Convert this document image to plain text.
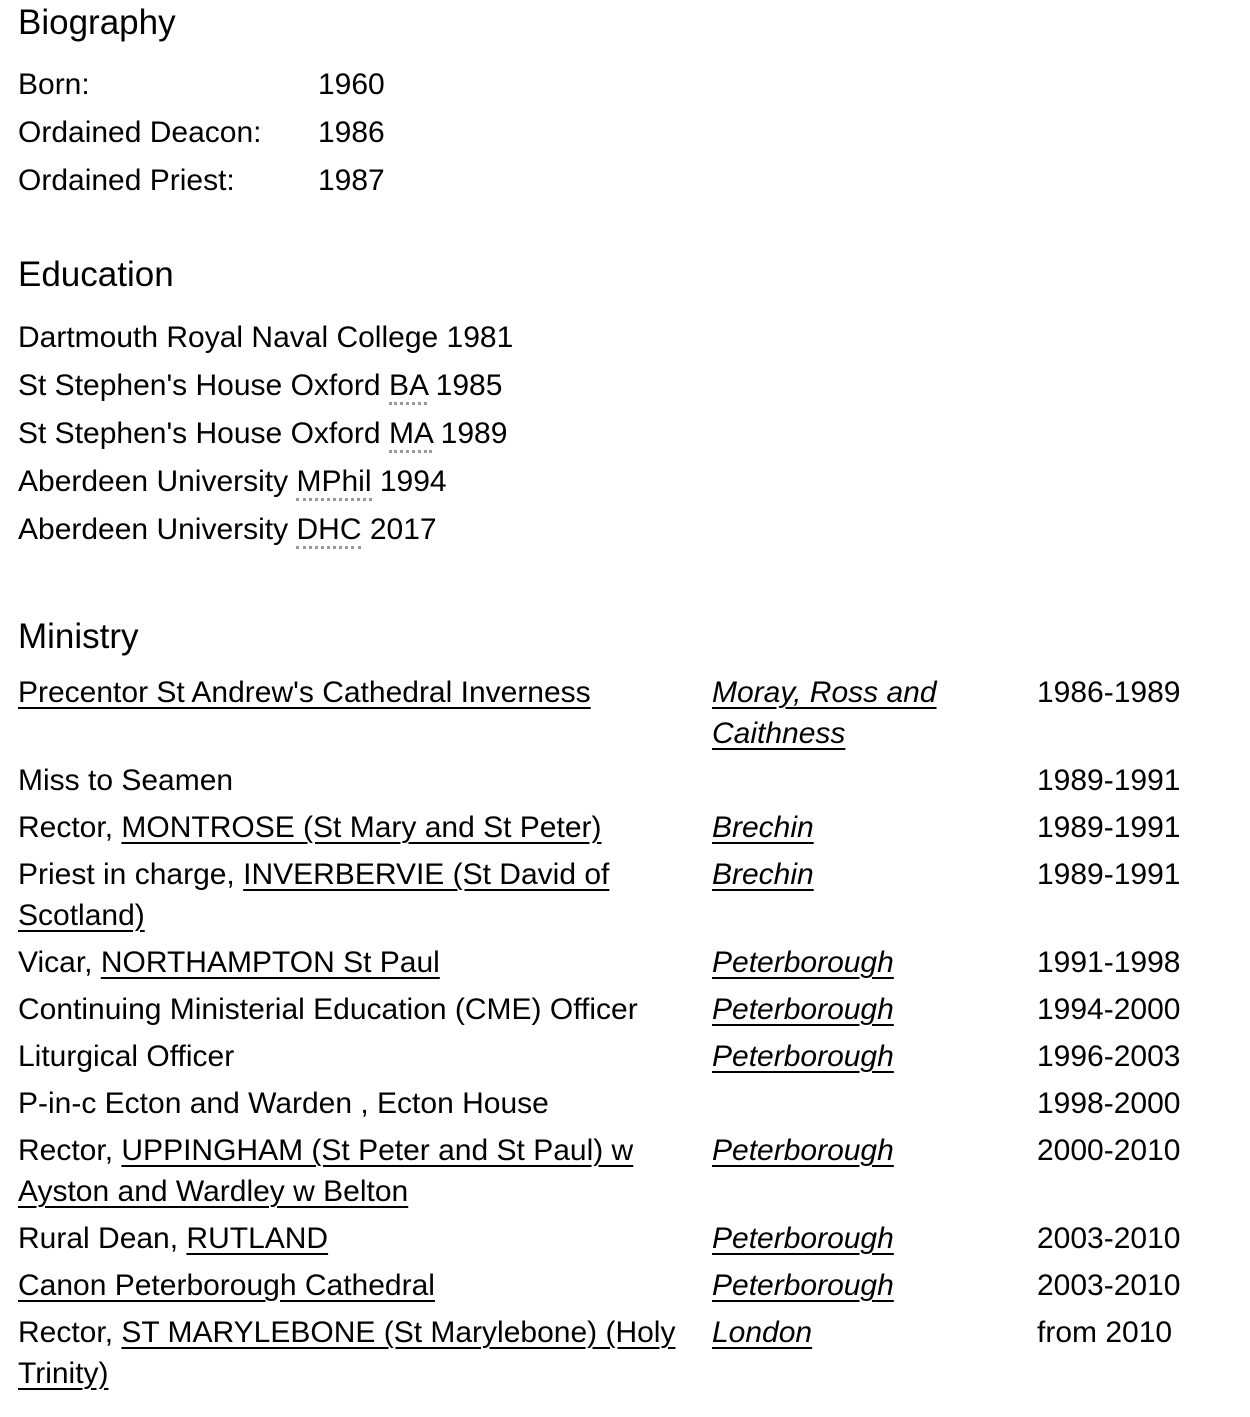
Biography
Born:	1960
Ordained Deacon:	1986
Ordained Priest:	1987
Education
Dartmouth Royal Naval College 1981
St Stephen's House Oxford BA 1985
St Stephen's House Oxford MA 1989
Aberdeen University MPhil 1994
Aberdeen University DHC 2017
Ministry
Precentor St Andrew's Cathedral Inverness	Moray, Ross and Caithness	1986-1989
Miss to Seamen		1989-1991
Rector, MONTROSE (St Mary and St Peter)	Brechin	1989-1991
Priest in charge, INVERBERVIE (St David of Scotland)	Brechin	1989-1991
Vicar, NORTHAMPTON St Paul	Peterborough	1991-1998
Continuing Ministerial Education (CME) Officer	Peterborough	1994-2000
Liturgical Officer	Peterborough	1996-2003
P-in-c Ecton and Warden , Ecton House		1998-2000
Rector, UPPINGHAM (St Peter and St Paul) w Ayston and Wardley w Belton	Peterborough	2000-2010
Rural Dean, RUTLAND	Peterborough	2003-2010
Canon Peterborough Cathedral	Peterborough	2003-2010
Rector, ST MARYLEBONE (St Marylebone) (Holy Trinity)	London	from 2010
